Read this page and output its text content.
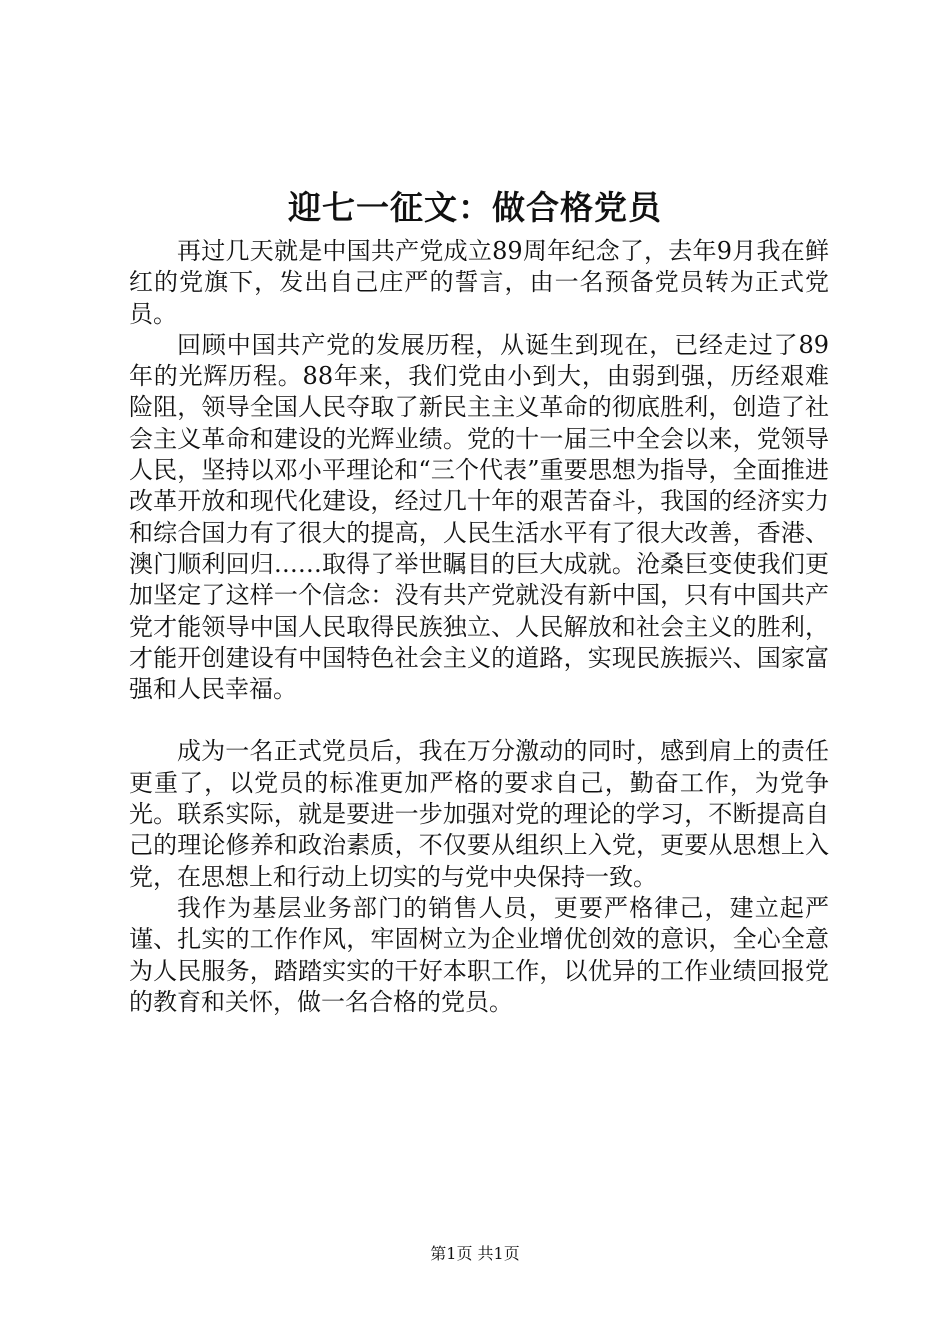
迎七一征文：做合格党员

再过几天就是中国共产党成立89周年纪念了，去年9月我在鲜红的党旗下，发出自己庄严的誓言，由一名预备党员转为正式党员。

回顾中国共产党的发展历程，从诞生到现在，已经走过了89年的光辉历程。88年来，我们党由小到大，由弱到强，历经艰难险阻，领导全国人民夺取了新民主主义革命的彻底胜利，创造了社会主义革命和建设的光辉业绩。党的十一届三中全会以来，党领导人民，坚持以邓小平理论和“三个代表”重要思想为指导，全面推进改革开放和现代化建设，经过几十年的艰苦奋斗，我国的经济实力和综合国力有了很大的提高，人民生活水平有了很大改善，香港、澳门顺利回归……取得了举世瞩目的巨大成就。沧桑巨变使我们更加坚定了这样一个信念：没有共产党就没有新中国，只有中国共产党才能领导中国人民取得民族独立、人民解放和社会主义的胜利，才能开创建设有中国特色社会主义的道路，实现民族振兴、国家富强和人民幸福。

成为一名正式党员后，我在万分激动的同时，感到肩上的责任更重了，以党员的标准更加严格的要求自己，勤奋工作，为党争光。联系实际，就是要进一步加强对党的理论的学习，不断提高自己的理论修养和政治素质，不仅要从组织上入党，更要从思想上入党，在思想上和行动上切实的与党中央保持一致。

我作为基层业务部门的销售人员，更要严格律己，建立起严谨、扎实的工作作风，牢固树立为企业增优创效的意识，全心全意为人民服务，踏踏实实的干好本职工作，以优异的工作业绩回报党的教育和关怀，做一名合格的党员。

第1页 共1页
